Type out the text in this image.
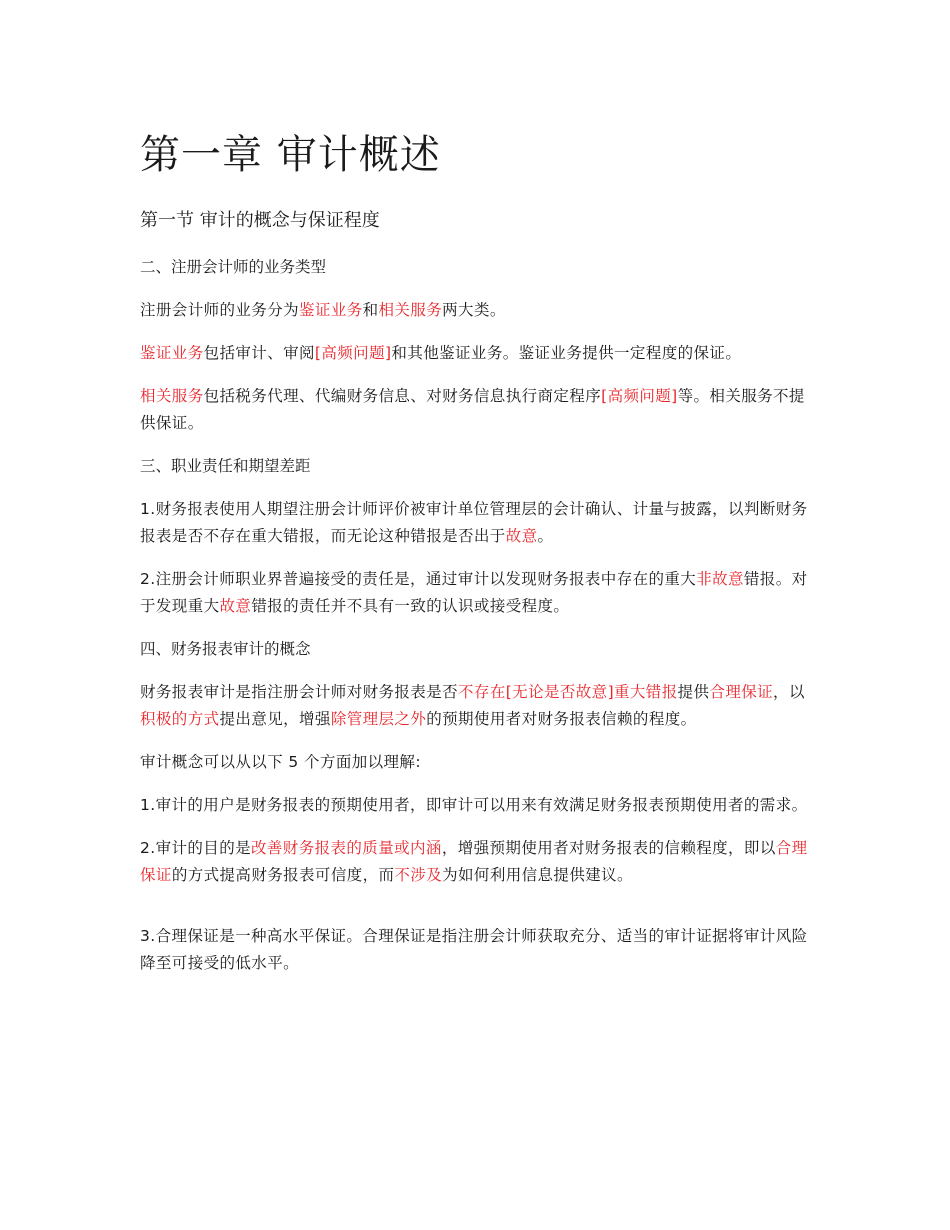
第一章 审计概述
第一节 审计的概念与保证程度
二、注册会计师的业务类型

注册会计师的业务分为鉴证业务和相关服务两大类。

鉴证业务包括审计、审阅[高频问题]和其他鉴证业务。鉴证业务提供一定程度的保证。

相关服务包括税务代理、代编财务信息、对财务信息执行商定程序[高频问题]等。相关服务不提供保证。

三、职业责任和期望差距

1.财务报表使用人期望注册会计师评价被审计单位管理层的会计确认、计量与披露，以判断财务报表是否不存在重大错报，而无论这种错报是否出于故意。

2.注册会计师职业界普遍接受的责任是，通过审计以发现财务报表中存在的重大非故意错报。对于发现重大故意错报的责任并不具有一致的认识或接受程度。

四、财务报表审计的概念

财务报表审计是指注册会计师对财务报表是否不存在[无论是否故意]重大错报提供合理保证，以积极的方式提出意见，增强除管理层之外的预期使用者对财务报表信赖的程度。

审计概念可以从以下 5 个方面加以理解:

1.审计的用户是财务报表的预期使用者，即审计可以用来有效满足财务报表预期使用者的需求。

2.审计的目的是改善财务报表的质量或内涵，增强预期使用者对财务报表的信赖程度，即以合理保证的方式提高财务报表可信度，而不涉及为如何利用信息提供建议。

3.合理保证是一种高水平保证。合理保证是指注册会计师获取充分、适当的审计证据将审计风险降至可接受的低水平。
